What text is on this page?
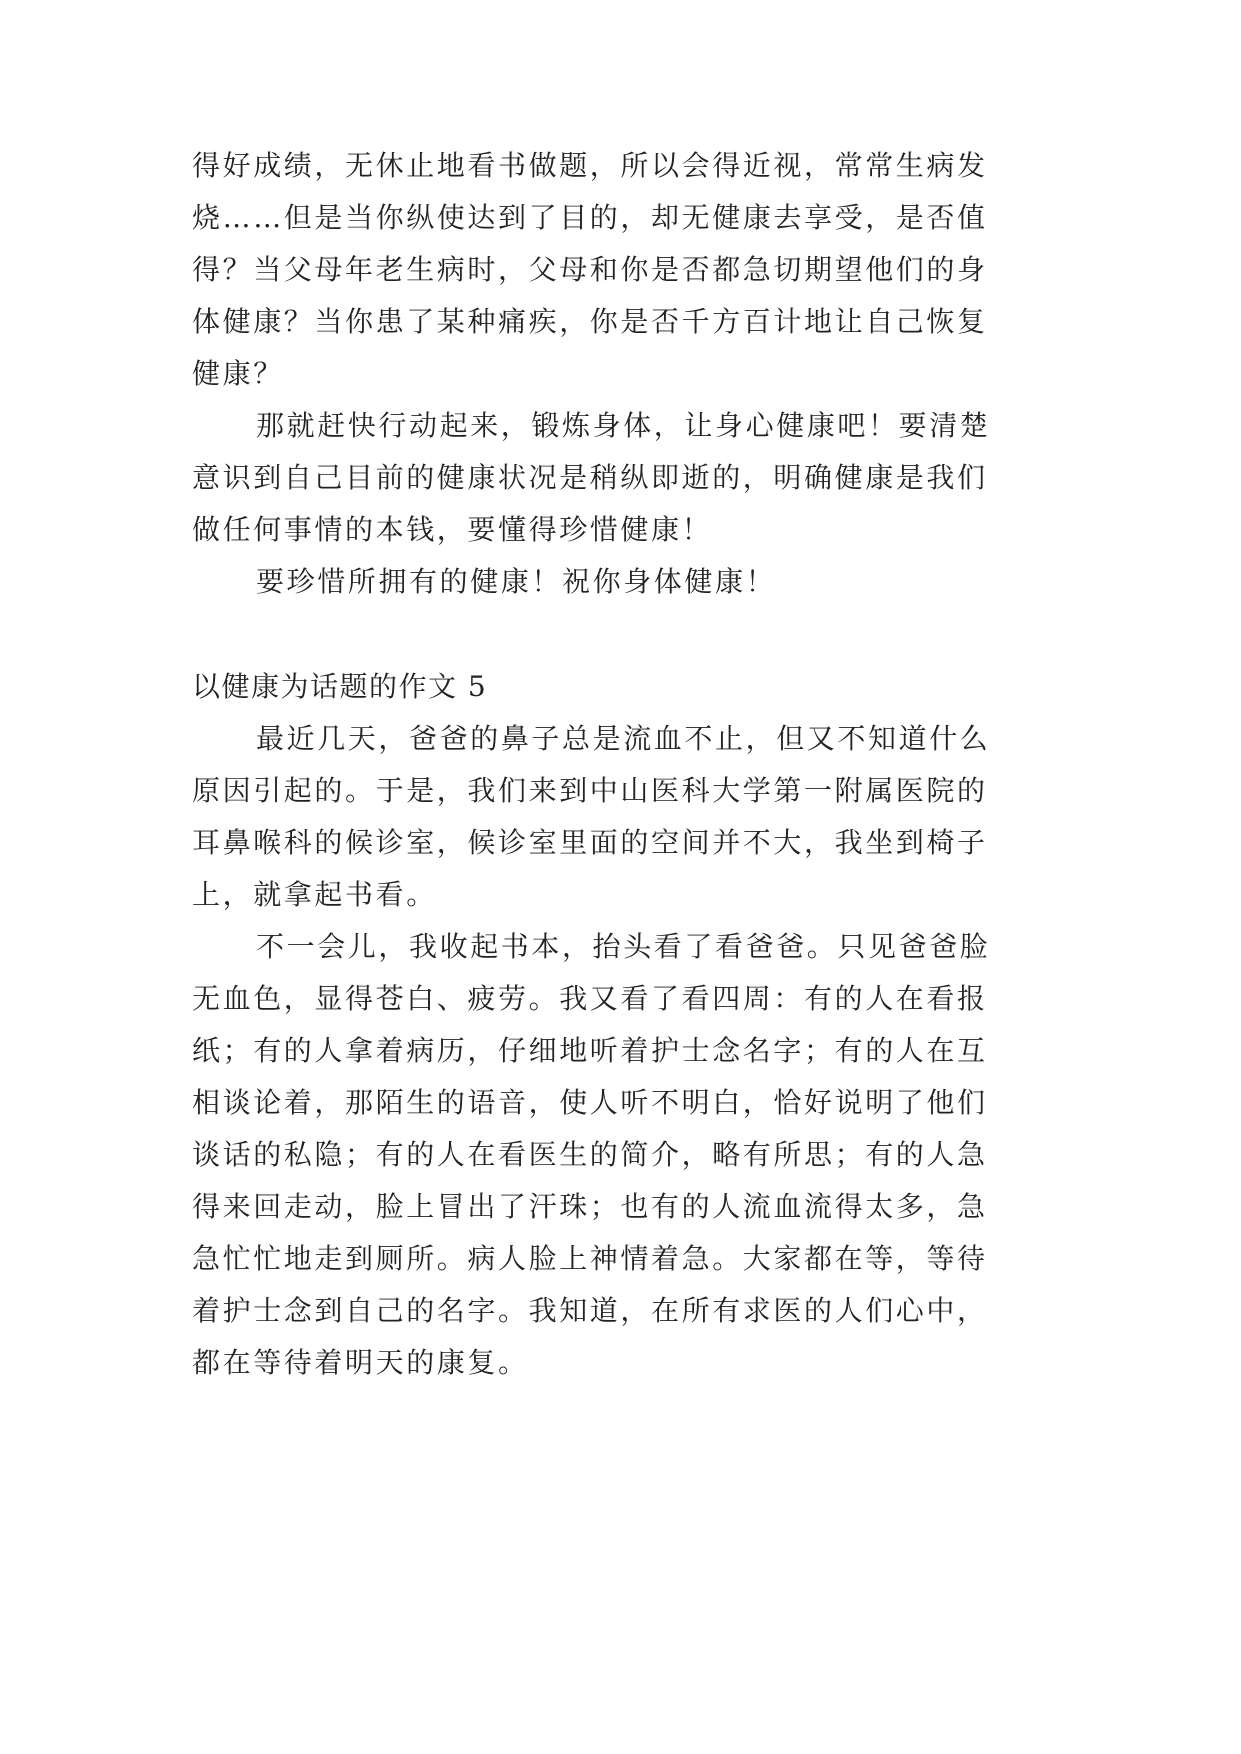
得好成绩，无休止地看书做题，所以会得近视，常常生病发
烧……但是当你纵使达到了目的，却无健康去享受，是否值
得？当父母年老生病时，父母和你是否都急切期望他们的身
体健康？当你患了某种痛疾，你是否千方百计地让自己恢复
健康？
那就赶快行动起来，锻炼身体，让身心健康吧！要清楚
意识到自己目前的健康状况是稍纵即逝的，明确健康是我们
做任何事情的本钱，要懂得珍惜健康！
要珍惜所拥有的健康！祝你身体健康！
以健康为话题的作文 5
最近几天，爸爸的鼻子总是流血不止，但又不知道什么
原因引起的。于是，我们来到中山医科大学第一附属医院的
耳鼻喉科的候诊室，候诊室里面的空间并不大，我坐到椅子
上，就拿起书看。
不一会儿，我收起书本，抬头看了看爸爸。只见爸爸脸
无血色，显得苍白、疲劳。我又看了看四周：有的人在看报
纸；有的人拿着病历，仔细地听着护士念名字；有的人在互
相谈论着，那陌生的语音，使人听不明白，恰好说明了他们
谈话的私隐；有的人在看医生的简介，略有所思；有的人急
得来回走动，脸上冒出了汗珠；也有的人流血流得太多，急
急忙忙地走到厕所。病人脸上神情着急。大家都在等，等待
着护士念到自己的名字。我知道，在所有求医的人们心中，
都在等待着明天的康复。
